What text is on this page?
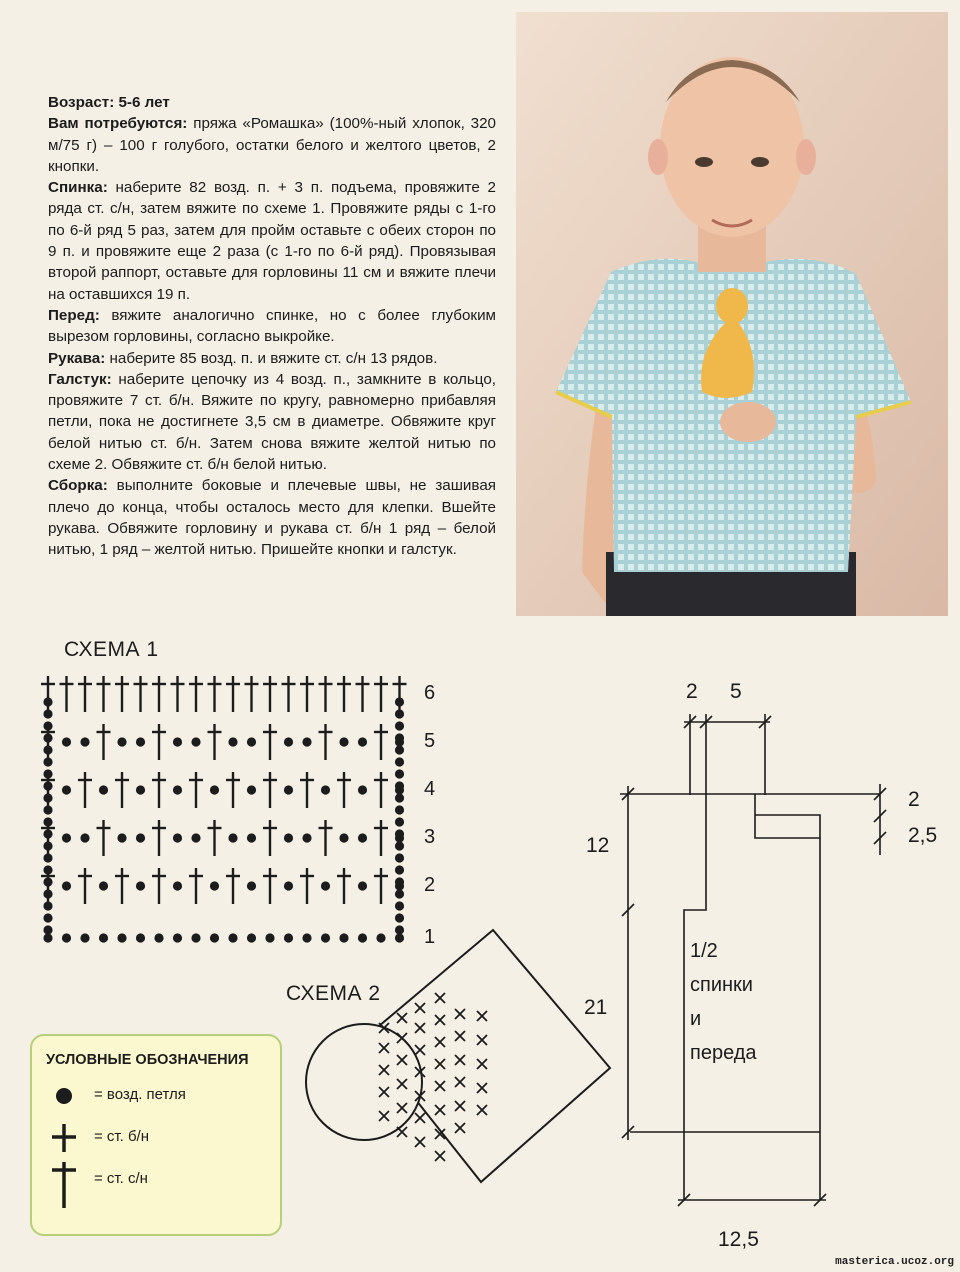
Возраст: 5-6 лет

Вам потребуются: пряжа «Ромашка» (100%-ный хлопок, 320 м/75 г) – 100 г голубого, остатки белого и желтого цветов, 2 кнопки.

Спинка: наберите 82 возд. п. + 3 п. подъема, провяжите 2 ряда ст. с/н, затем вяжите по схеме 1. Провяжите ряды с 1-го по 6-й ряд 5 раз, затем для пройм оставьте с обеих сторон по 9 п. и провяжите еще 2 раза (с 1-го по 6-й ряд). Провязывая второй раппорт, оставьте для горловины 11 см и вяжите плечи на оставшихся 19 п.

Перед: вяжите аналогично спинке, но с более глубоким вырезом горловины, согласно выкройке.

Рукава: наберите 85 возд. п. и вяжите ст. с/н 13 рядов.

Галстук: наберите цепочку из 4 возд. п., замкните в кольцо, провяжите 7 ст. б/н. Вяжите по кругу, равномерно прибавляя петли, пока не достигнете 3,5 см в диаметре. Обвяжите круг белой нитью ст. б/н. Затем снова вяжите желтой нитью по схеме 2. Обвяжите ст. б/н белой нитью.

Сборка: выполните боковые и плечевые швы, не зашивая плечо до конца, чтобы осталось место для клепки. Вшейте рукава. Обвяжите горловину и рукава ст. б/н 1 ряд – белой нитью, 1 ряд – желтой нитью. Пришейте кнопки и галстук.

СХЕМА 1
СХЕМА 2
УСЛОВНЫЕ ОБОЗНАЧЕНИЯ
= возд. петля
= ст. б/н
= ст. с/н
2 5
2
2,5
12
21
12,5
1/2
спинки
и
переда
masterica.ucoz.org
6
5
4
3
2
1
